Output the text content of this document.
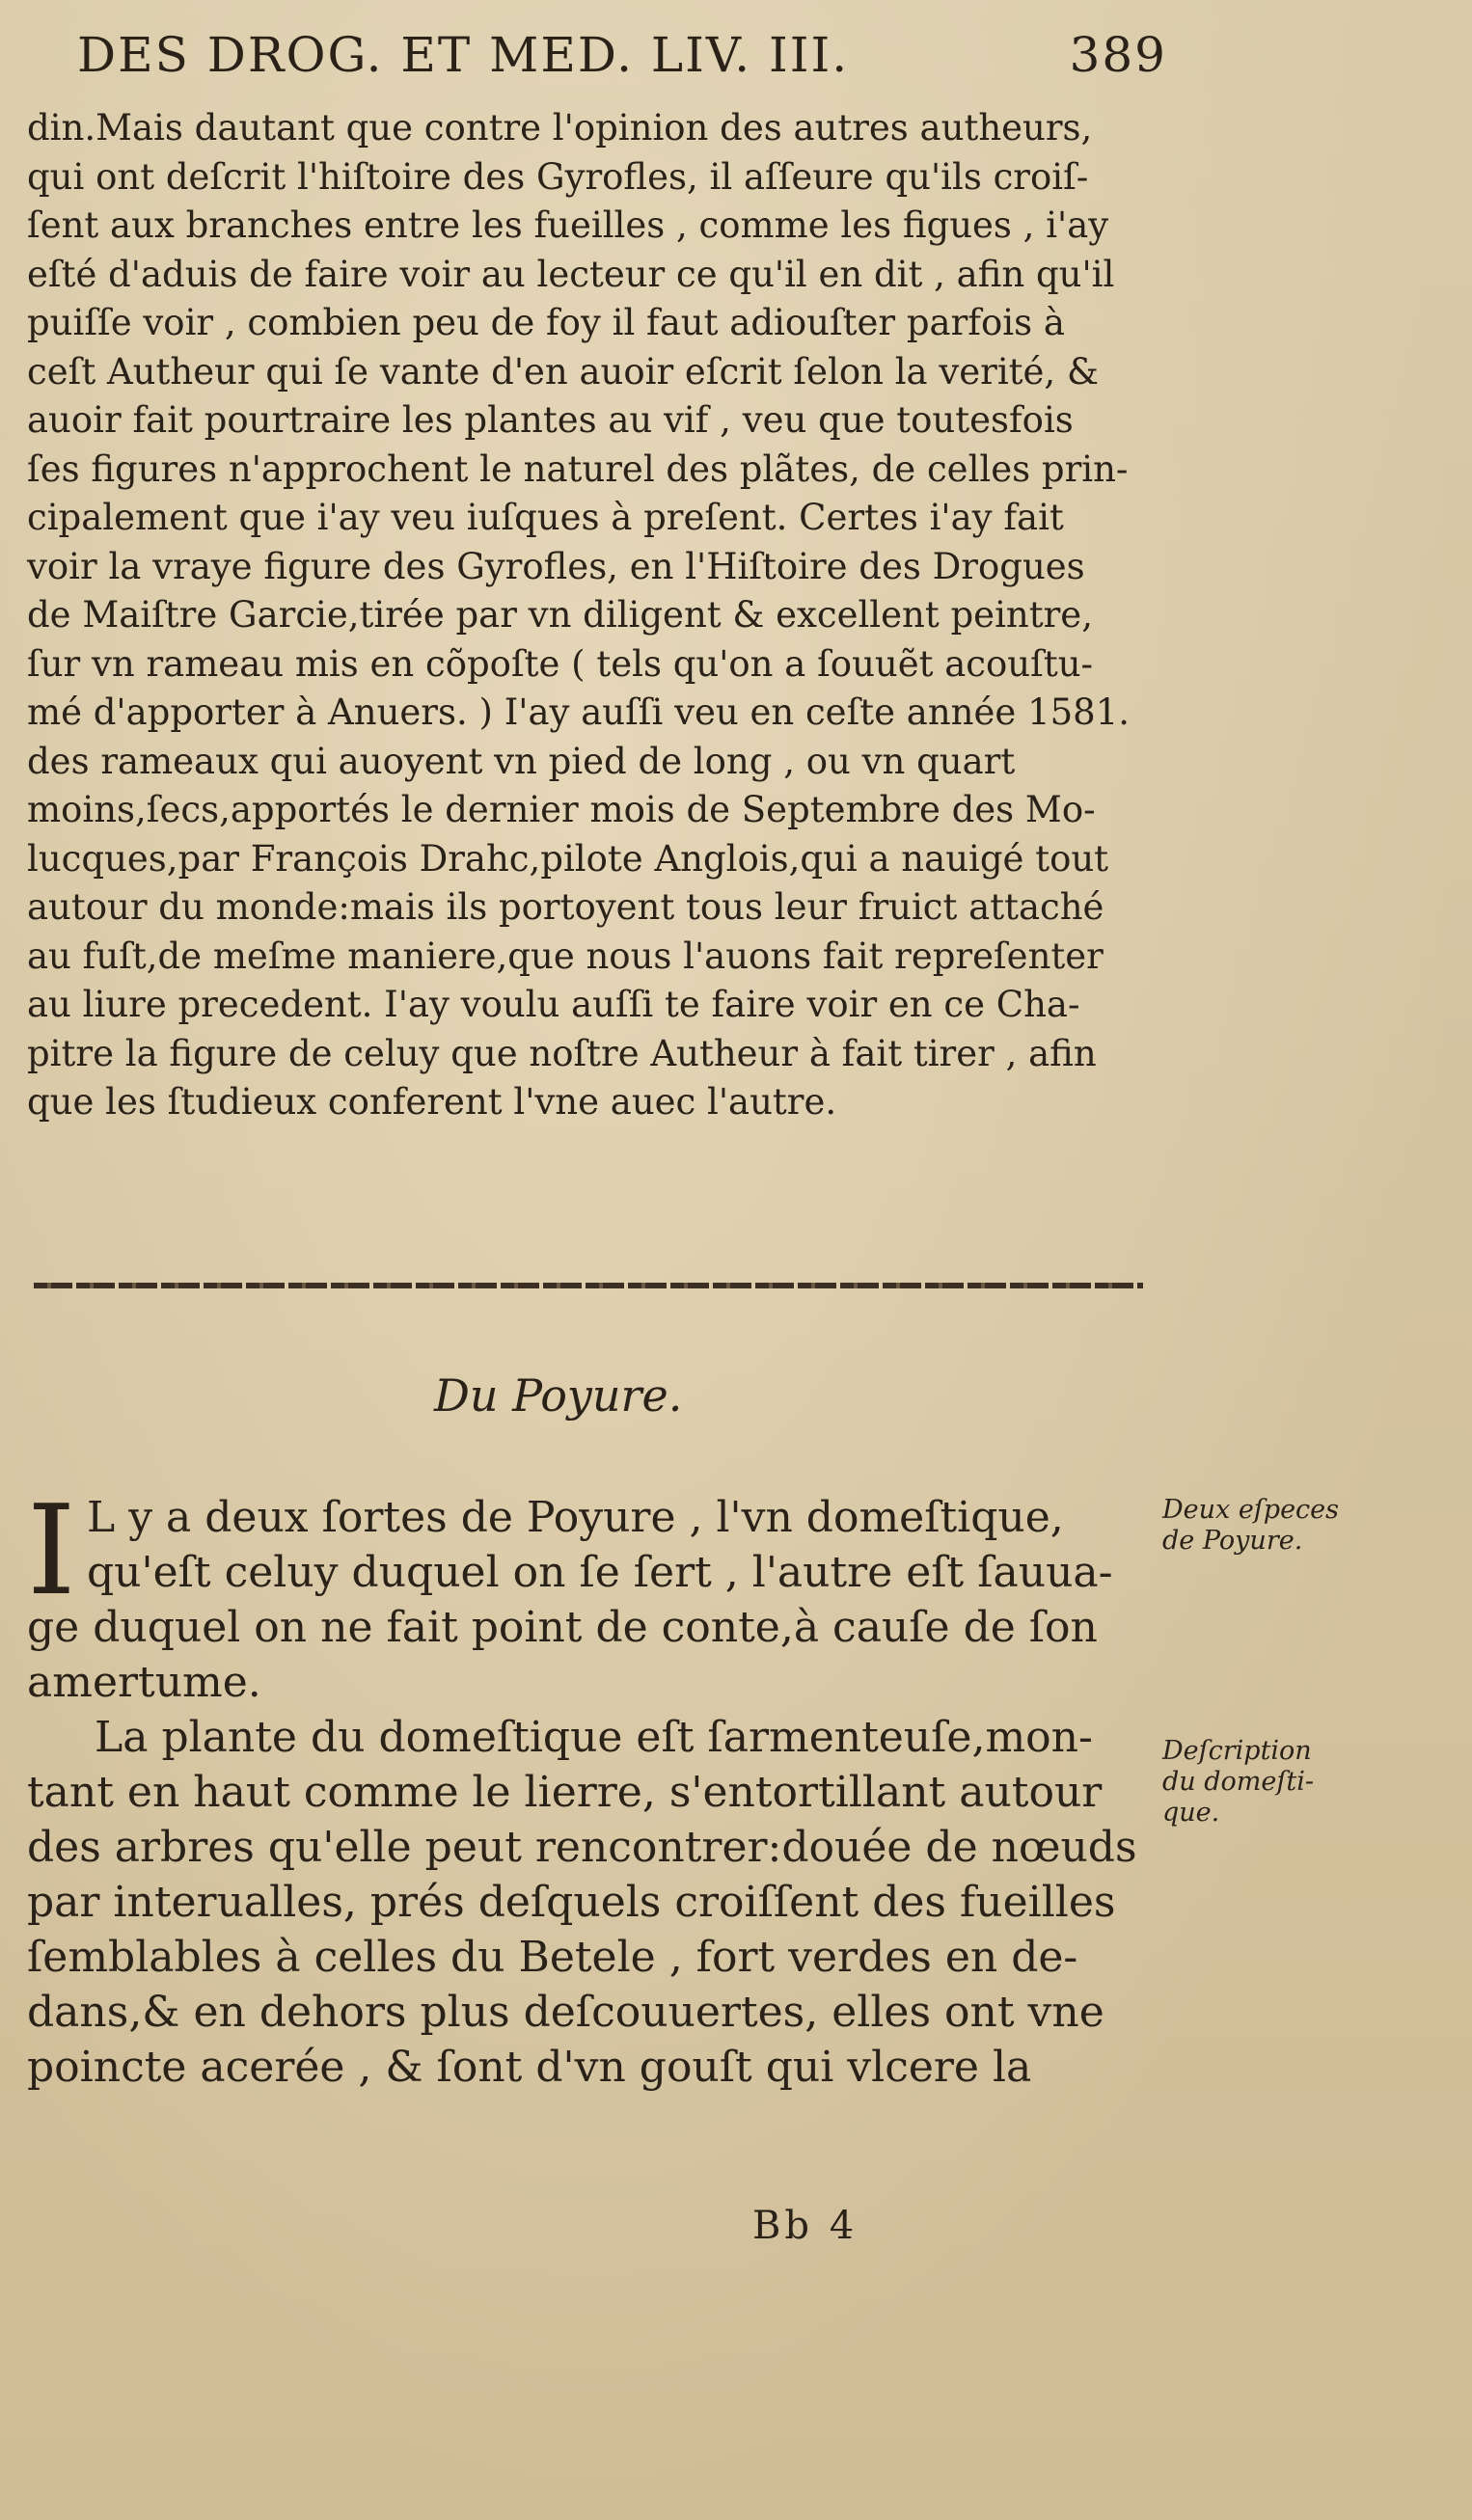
DES DROG. ET MED. LIV. III.	389
din.Mais dautant que contre l'opinion des autres autheurs,
qui ont deſcrit l'hiſtoire des Gyrofles, il aſſeure qu'ils croiſ-
ſent aux branches entre les fueilles , comme les figues , i'ay
eſté d'aduis de faire voir au lecteur ce qu'il en dit , afin qu'il
puiſſe voir , combien peu de foy il faut adiouſter parfois à
ceſt Autheur qui ſe vante d'en auoir eſcrit ſelon la verité, &
auoir fait pourtraire les plantes au vif , veu que toutesfois
ſes figures n'approchent le naturel des plãtes, de celles prin-
cipalement que i'ay veu iuſques à preſent. Certes i'ay fait
voir la vraye figure des Gyrofles, en l'Hiſtoire des Drogues
de Maiſtre Garcie,tirée par vn diligent & excellent peintre,
ſur vn rameau mis en cõpoſte ( tels qu'on a ſouuẽt acouſtu-
mé d'apporter à Anuers. ) I'ay auſſi veu en ceſte année 1581.
des rameaux qui auoyent vn pied de long , ou vn quart
moins,ſecs,apportés le dernier mois de Septembre des Mo-
lucques,par François Drahc,pilote Anglois,qui a nauigé tout
autour du monde:mais ils portoyent tous leur fruict attaché
au fuſt,de meſme maniere,que nous l'auons fait repreſenter
au liure precedent. I'ay voulu auſſi te faire voir en ce Cha-
pitre la figure de celuy que noſtre Autheur à fait tirer , afin
que les ſtudieux conferent l'vne auec l'autre.
Du Poyure.
I L y a deux ſortes de Poyure , l'vn domeſtique,
qu'eſt celuy duquel on ſe ſert , l'autre eſt ſauua-
ge duquel on ne fait point de conte,à cauſe de ſon
amertume.
La plante du domeſtique eſt ſarmenteuſe,mon-
tant en haut comme le lierre, s'entortillant autour
des arbres qu'elle peut rencontrer:douée de nœuds
par interualles, prés deſquels croiſſent des fueilles
ſemblables à celles du Betele , fort verdes en de-
dans,& en dehors plus deſcouuertes, elles ont vne
poincte acerée , & ſont d'vn gouſt qui vlcere la
Deux eſpeces
de Poyure.
Deſcription
du domeſti-
que.
Bb 4
